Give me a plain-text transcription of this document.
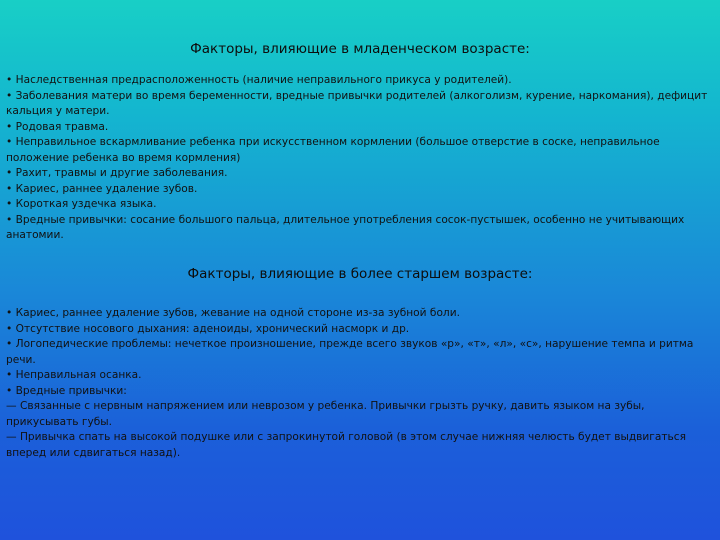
Факторы, влияющие в младенческом возрасте:
• Наследственная предрасположенность (наличие неправильного прикуса у родителей).
• Заболевания матери во время беременности, вредные привычки родителей (алкоголизм, курение, наркомания), дефицит кальция у матери.
• Родовая травма.
• Неправильное вскармливание ребенка при искусственном кормлении (большое отверстие в соске, неправильное положение ребенка во время кормления)
• Рахит, травмы и другие заболевания.
• Кариес, раннее удаление зубов.
• Короткая уздечка языка.
• Вредные привычки: сосание большого пальца, длительное употребления соcок-пустышек, особенно не учитывающих анатомии.
Факторы, влияющие в более старшем возрасте:
• Кариес, раннее удаление зубов, жевание на одной стороне из-за зубной боли.
• Отсутствие носового дыхания: аденоиды, хронический насморк и др.
• Логопедические проблемы: нечеткое произношение, прежде всего звуков «р», «т», «л», «с», нарушение темпа и ритма речи.
• Неправильная осанка.
• Вредные привычки:
— Связанные с нервным напряжением или неврозом у ребенка. Привычки грызть ручку, давить языком на зубы, прикусывать губы.
— Привычка спать на высокой подушке или с запрокинутой головой (в этом случае нижняя челюсть будет выдвигаться вперед или сдвигаться назад).
